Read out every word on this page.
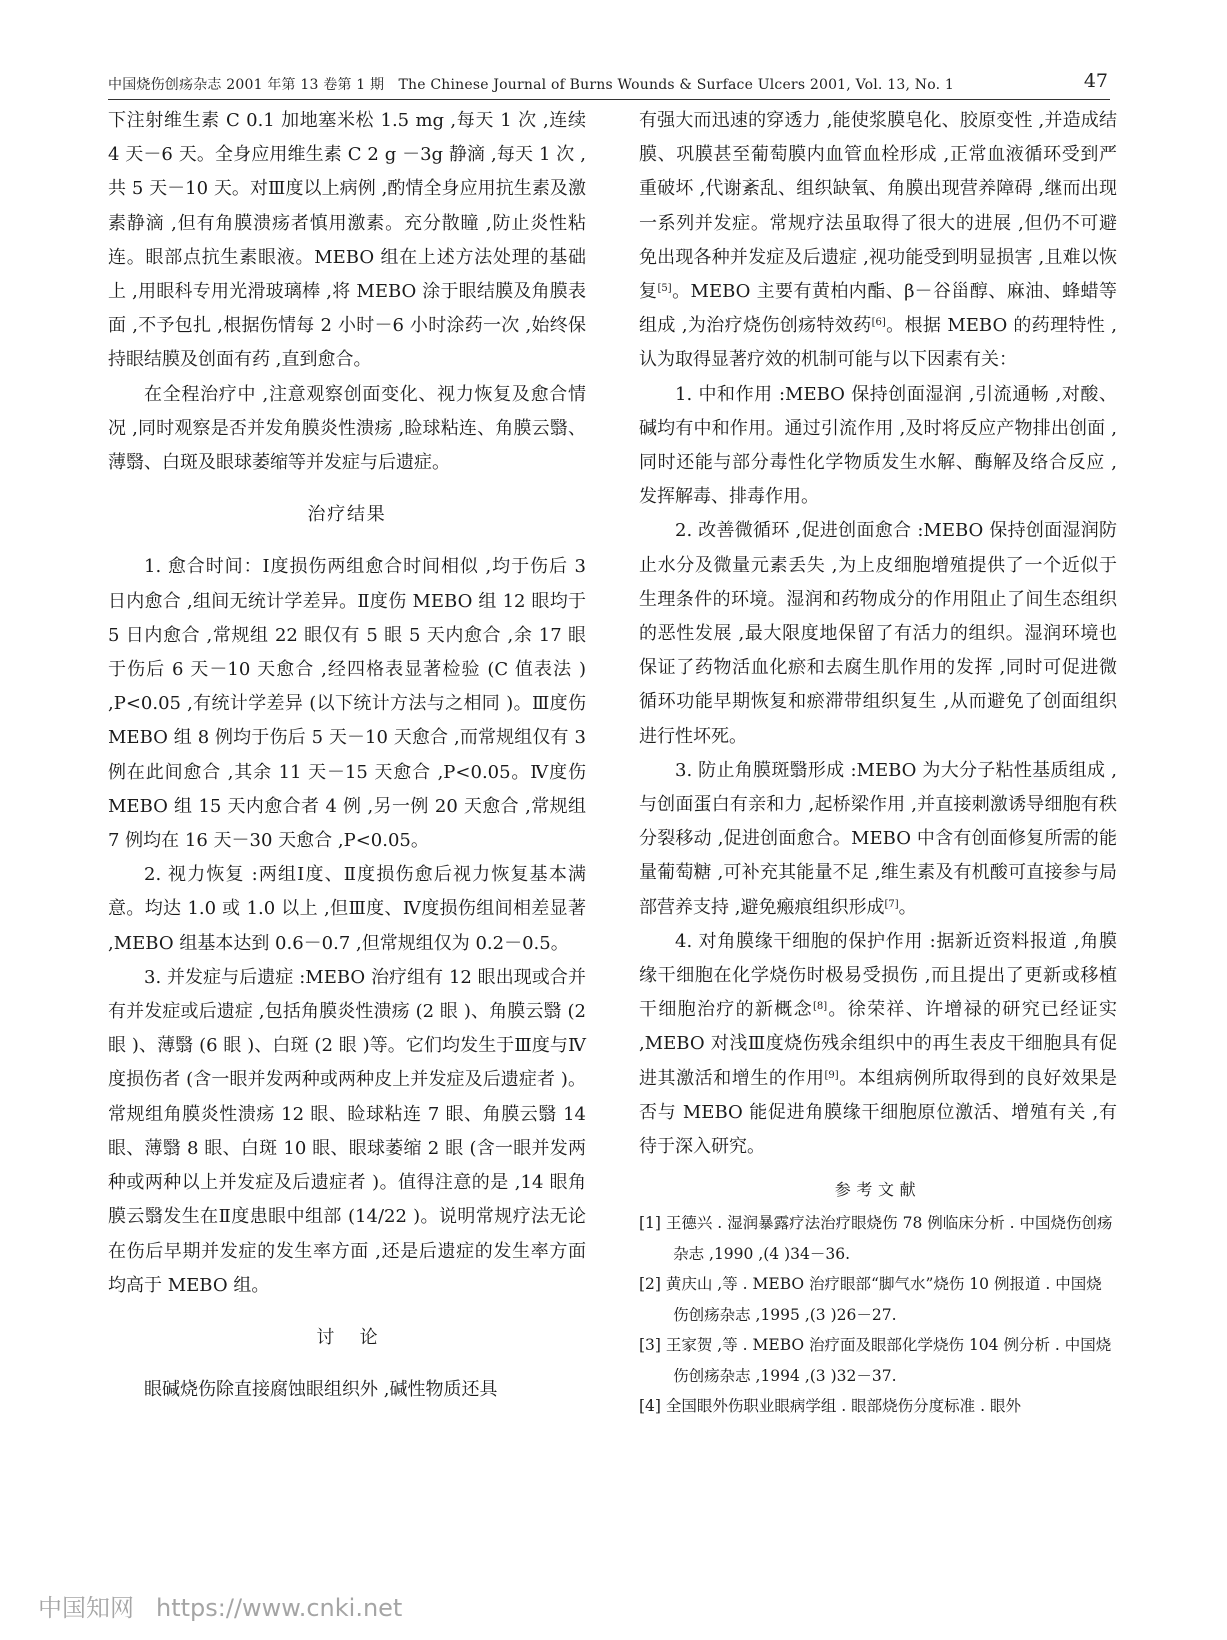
中国烧伤创疡杂志 2001 年第 13 卷第 1 期　The Chinese Journal of Burns Wounds & Surface Ulcers 2001, Vol. 13, No. 1	47

下注射维生素 C 0.1 加地塞米松 1.5 mg ,每天 1 次 ,连续 4 天－6 天。全身应用维生素 C 2 g －3g 静滴 ,每天 1 次 ,共 5 天－10 天。对Ⅲ度以上病例 ,酌情全身应用抗生素及激素静滴 ,但有角膜溃疡者慎用激素。充分散瞳 ,防止炎性粘连。眼部点抗生素眼液。MEBO 组在上述方法处理的基础上 ,用眼科专用光滑玻璃棒 ,将 MEBO 涂于眼结膜及角膜表面 ,不予包扎 ,根据伤情每 2 小时－6 小时涂药一次 ,始终保持眼结膜及创面有药 ,直到愈合。

在全程治疗中 ,注意观察创面变化、视力恢复及愈合情况 ,同时观察是否并发角膜炎性溃疡 ,睑球粘连、角膜云翳、薄翳、白斑及眼球萎缩等并发症与后遗症。

治疗结果

1. 愈合时间：Ⅰ度损伤两组愈合时间相似 ,均于伤后 3 日内愈合 ,组间无统计学差异。Ⅱ度伤 MEBO 组 12 眼均于 5 日内愈合 ,常规组 22 眼仅有 5 眼 5 天内愈合 ,余 17 眼于伤后 6 天－10 天愈合 ,经四格表显著检验 (C 值表法 ) ,P<0.05 ,有统计学差异 (以下统计方法与之相同 )。Ⅲ度伤 MEBO 组 8 例均于伤后 5 天－10 天愈合 ,而常规组仅有 3 例在此间愈合 ,其余 11 天－15 天愈合 ,P<0.05。Ⅳ度伤 MEBO 组 15 天内愈合者 4 例 ,另一例 20 天愈合 ,常规组 7 例均在 16 天－30 天愈合 ,P<0.05。

2. 视力恢复 :两组Ⅰ度、Ⅱ度损伤愈后视力恢复基本满意。均达 1.0 或 1.0 以上 ,但Ⅲ度、Ⅳ度损伤组间相差显著 ,MEBO 组基本达到 0.6－0.7 ,但常规组仅为 0.2－0.5。

3. 并发症与后遗症 :MEBO 治疗组有 12 眼出现或合并有并发症或后遗症 ,包括角膜炎性溃疡 (2 眼 )、角膜云翳 (2 眼 )、薄翳 (6 眼 )、白斑 (2 眼 )等。它们均发生于Ⅲ度与Ⅳ度损伤者 (含一眼并发两种或两种皮上并发症及后遗症者 )。常规组角膜炎性溃疡 12 眼、睑球粘连 7 眼、角膜云翳 14 眼、薄翳 8 眼、白斑 10 眼、眼球萎缩 2 眼 (含一眼并发两种或两种以上并发症及后遗症者 )。值得注意的是 ,14 眼角膜云翳发生在Ⅱ度患眼中组部 (14/22 )。说明常规疗法无论在伤后早期并发症的发生率方面 ,还是后遗症的发生率方面均高于 MEBO 组。

讨论

眼碱烧伤除直接腐蚀眼组织外 ,碱性物质还具

有强大而迅速的穿透力 ,能使浆膜皂化、胶原变性 ,并造成结膜、巩膜甚至葡萄膜内血管血栓形成 ,正常血液循环受到严重破坏 ,代谢紊乱、组织缺氧、角膜出现营养障碍 ,继而出现一系列并发症。常规疗法虽取得了很大的进展 ,但仍不可避免出现各种并发症及后遗症 ,视功能受到明显损害 ,且难以恢复[5]。MEBO 主要有黄柏内酯、β－谷甾醇、麻油、蜂蜡等组成 ,为治疗烧伤创疡特效药[6]。根据 MEBO 的药理特性 ,认为取得显著疗效的机制可能与以下因素有关：

1. 中和作用 :MEBO 保持创面湿润 ,引流通畅 ,对酸、碱均有中和作用。通过引流作用 ,及时将反应产物排出创面 ,同时还能与部分毒性化学物质发生水解、酶解及络合反应 ,发挥解毒、排毒作用。

2. 改善微循环 ,促进创面愈合 :MEBO 保持创面湿润防止水分及微量元素丢失 ,为上皮细胞增殖提供了一个近似于生理条件的环境。湿润和药物成分的作用阻止了间生态组织的恶性发展 ,最大限度地保留了有活力的组织。湿润环境也保证了药物活血化瘀和去腐生肌作用的发挥 ,同时可促进微循环功能早期恢复和瘀滞带组织复生 ,从而避免了创面组织进行性坏死。

3. 防止角膜斑翳形成 :MEBO 为大分子粘性基质组成 ,与创面蛋白有亲和力 ,起桥梁作用 ,并直接刺激诱导细胞有秩分裂移动 ,促进创面愈合。MEBO 中含有创面修复所需的能量葡萄糖 ,可补充其能量不足 ,维生素及有机酸可直接参与局部营养支持 ,避免瘢痕组织形成[7]。

4. 对角膜缘干细胞的保护作用 :据新近资料报道 ,角膜缘干细胞在化学烧伤时极易受损伤 ,而且提出了更新或移植干细胞治疗的新概念[8]。徐荣祥、许增禄的研究已经证实 ,MEBO 对浅Ⅲ度烧伤残余组织中的再生表皮干细胞具有促进其激活和增生的作用[9]。本组病例所取得到的良好效果是否与 MEBO 能促进角膜缘干细胞原位激活、增殖有关 ,有待于深入研究。

参考文献

[1] 王德兴 . 湿润暴露疗法治疗眼烧伤 78 例临床分析 . 中国烧伤创疡杂志 ,1990 ,(4 )34－36.

[2] 黄庆山 ,等 . MEBO 治疗眼部“脚气水”烧伤 10 例报道 . 中国烧伤创疡杂志 ,1995 ,(3 )26－27.

[3] 王家贺 ,等 . MEBO 治疗面及眼部化学烧伤 104 例分析 . 中国烧伤创疡杂志 ,1994 ,(3 )32－37.

[4] 全国眼外伤职业眼病学组 . 眼部烧伤分度标准 . 眼外

中国知网 https://www.cnki.net
